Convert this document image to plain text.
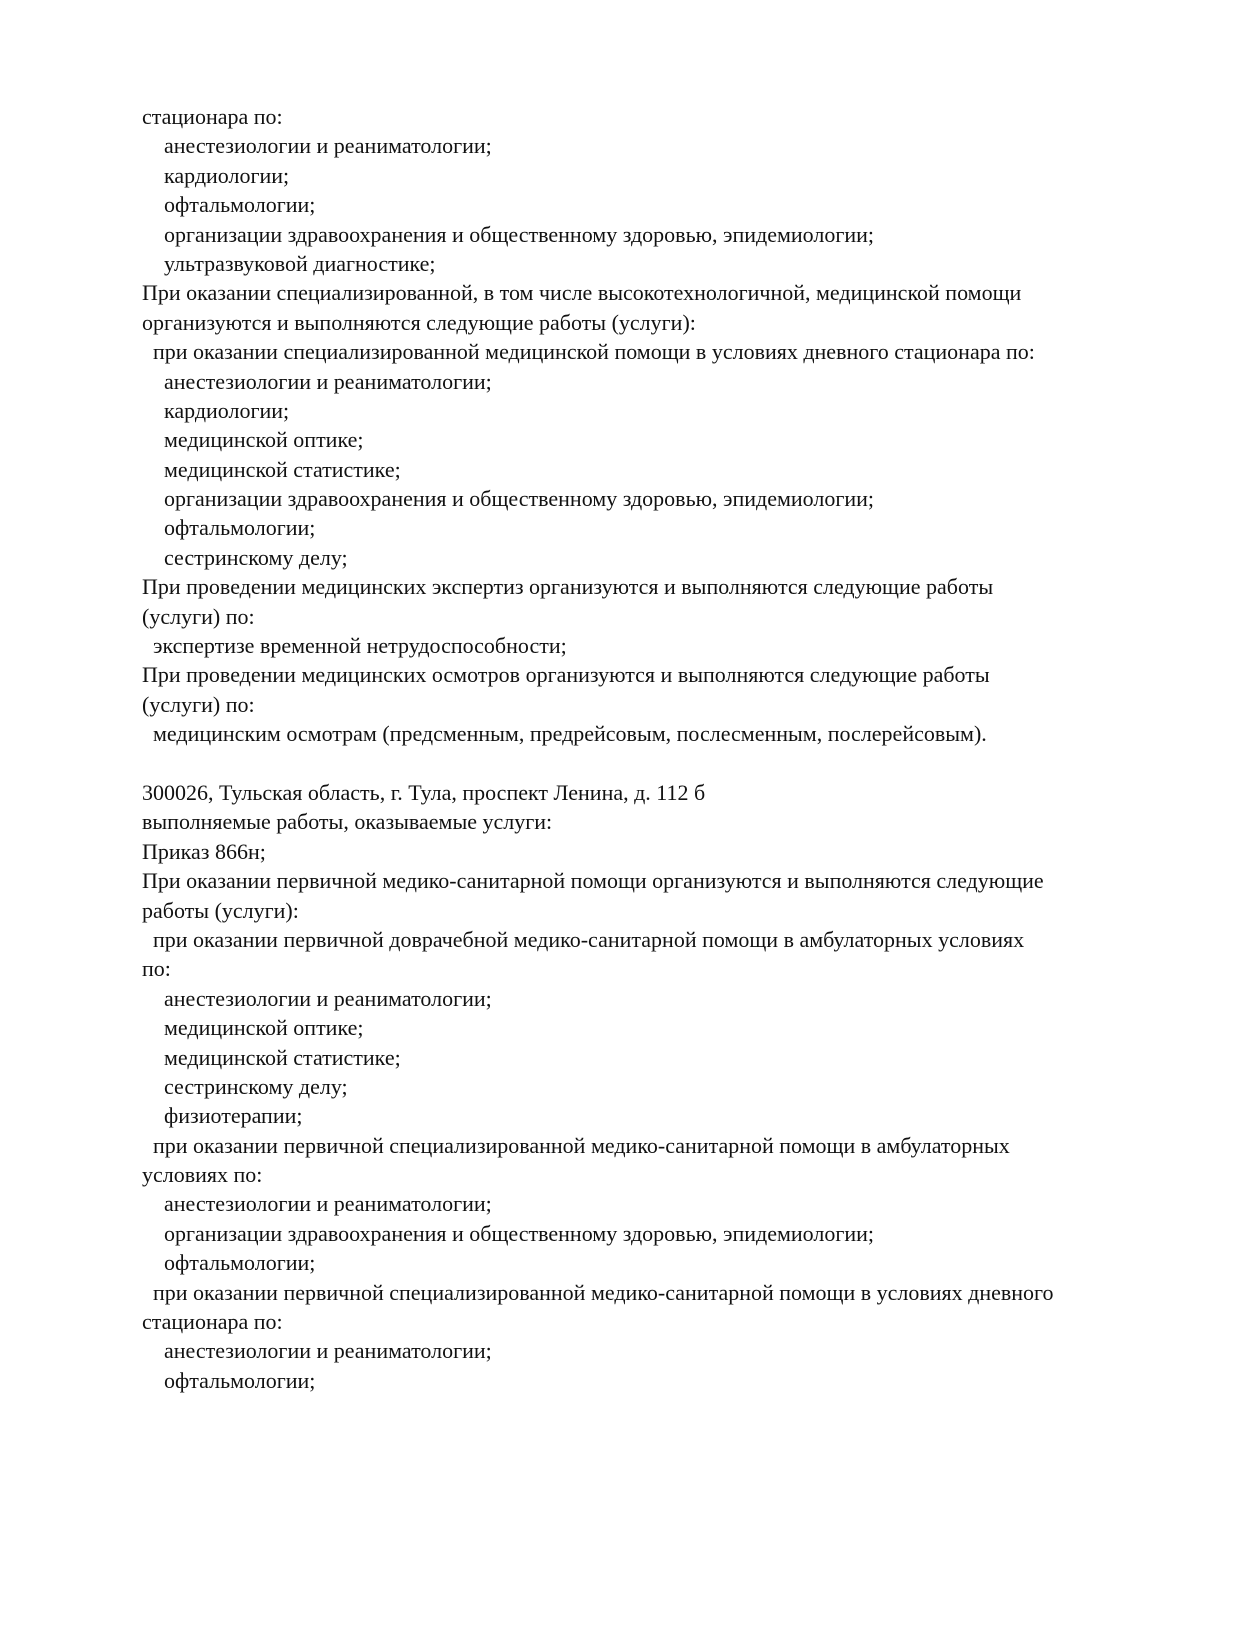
стационара по:

анестезиологии и реаниматологии;

кардиологии;

офтальмологии;

организации здравоохранения и общественному здоровью, эпидемиологии;

ультразвуковой диагностике;

При оказании специализированной, в том числе высокотехнологичной, медицинской помощи

организуются и выполняются следующие работы (услуги):

при оказании специализированной медицинской помощи в условиях дневного стационара по:

анестезиологии и реаниматологии;

кардиологии;

медицинской оптике;

медицинской статистике;

организации здравоохранения и общественному здоровью, эпидемиологии;

офтальмологии;

сестринскому делу;

При проведении медицинских экспертиз организуются и выполняются следующие работы

(услуги) по:

экспертизе временной нетрудоспособности;

При проведении медицинских осмотров организуются и выполняются следующие работы

(услуги) по:

медицинским осмотрам (предсменным, предрейсовым, послесменным, послерейсовым).

300026, Тульская область, г. Тула, проспект Ленина, д. 112 б

выполняемые работы, оказываемые услуги:

Приказ 866н;

При оказании первичной медико-санитарной помощи организуются и выполняются следующие

работы (услуги):

при оказании первичной доврачебной медико-санитарной помощи в амбулаторных условиях

по:

анестезиологии и реаниматологии;

медицинской оптике;

медицинской статистике;

сестринскому делу;

физиотерапии;

при оказании первичной специализированной медико-санитарной помощи в амбулаторных

условиях по:

анестезиологии и реаниматологии;

организации здравоохранения и общественному здоровью, эпидемиологии;

офтальмологии;

при оказании первичной специализированной медико-санитарной помощи в условиях дневного

стационара по:

анестезиологии и реаниматологии;

офтальмологии;
